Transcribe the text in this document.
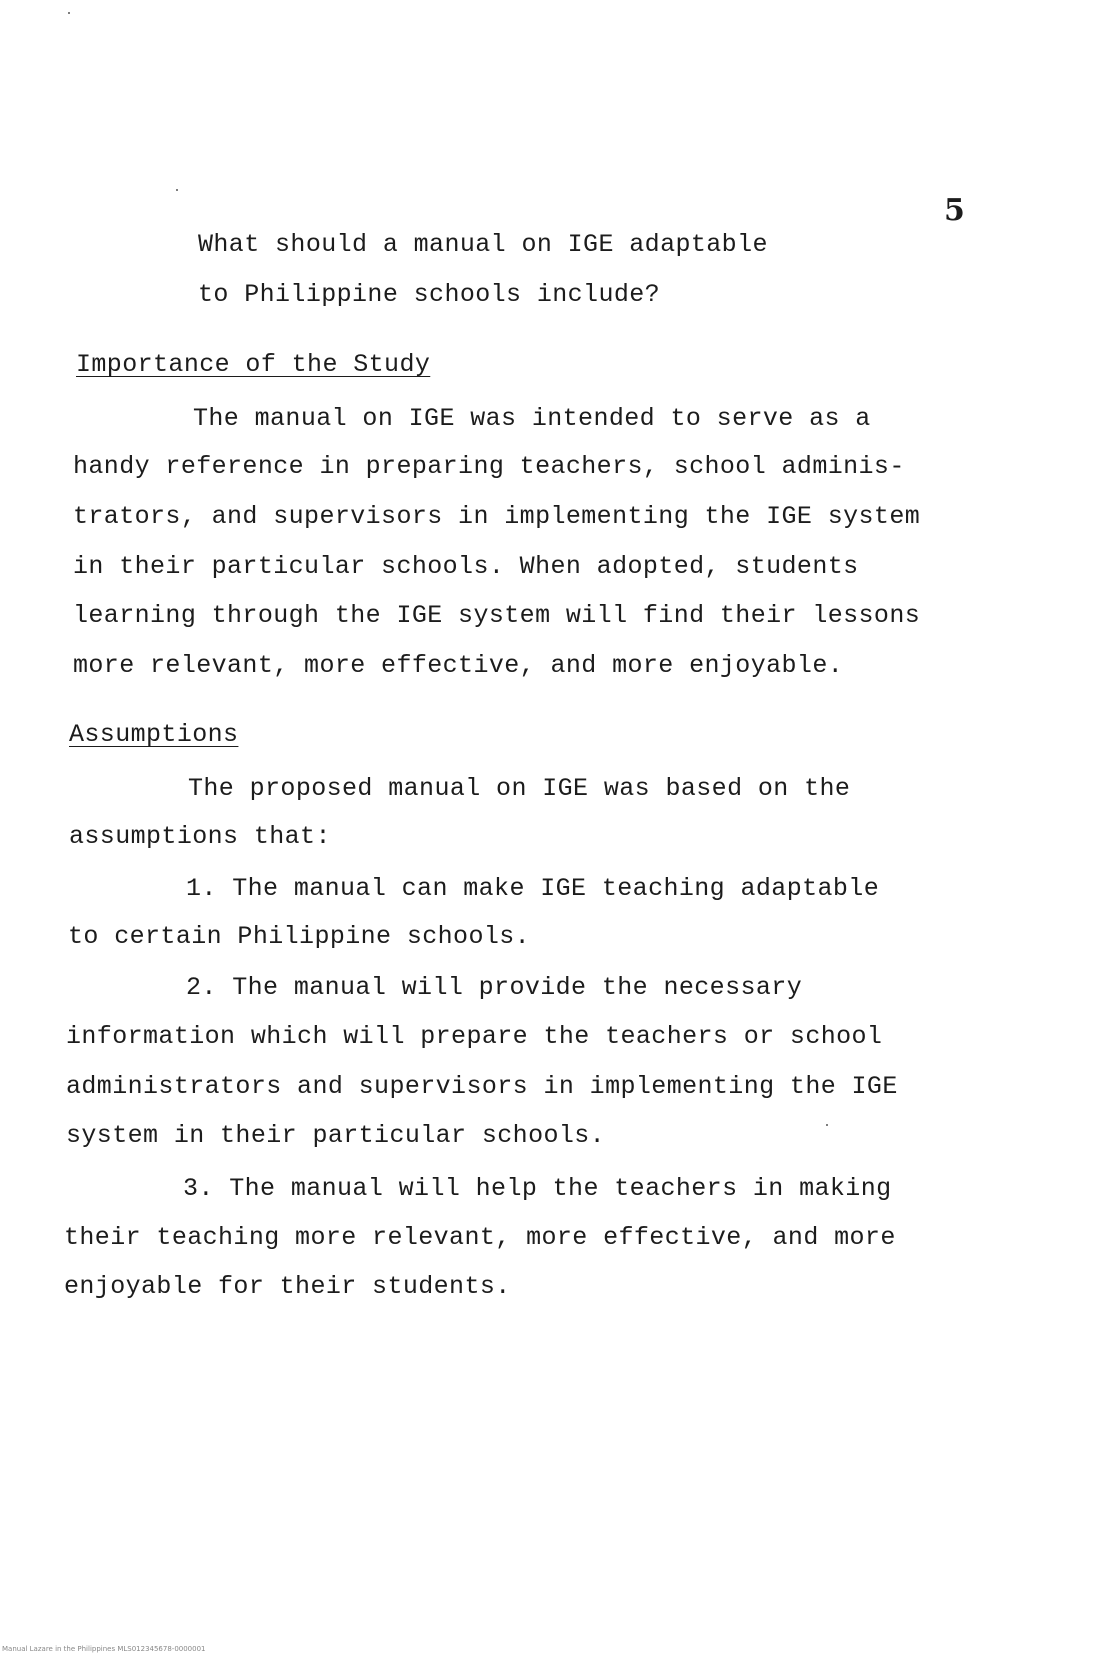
5
What should a manual on IGE adaptable
to Philippine schools include?
Importance of the Study
The manual on IGE was intended to serve as a
handy reference in preparing teachers, school adminis-
trators, and supervisors in implementing the IGE system
in their particular schools. When adopted, students
learning through the IGE system will find their lessons
more relevant, more effective, and more enjoyable.
Assumptions
The proposed manual on IGE was based on the
assumptions that:
1. The manual can make IGE teaching adaptable
to certain Philippine schools.
2. The manual will provide the necessary
information which will prepare the teachers or school
administrators and supervisors in implementing the IGE
system in their particular schools.
3. The manual will help the teachers in making
their teaching more relevant, more effective, and more
enjoyable for their students.
Manual Lazare in the Philippines MLS012345678-0000001
